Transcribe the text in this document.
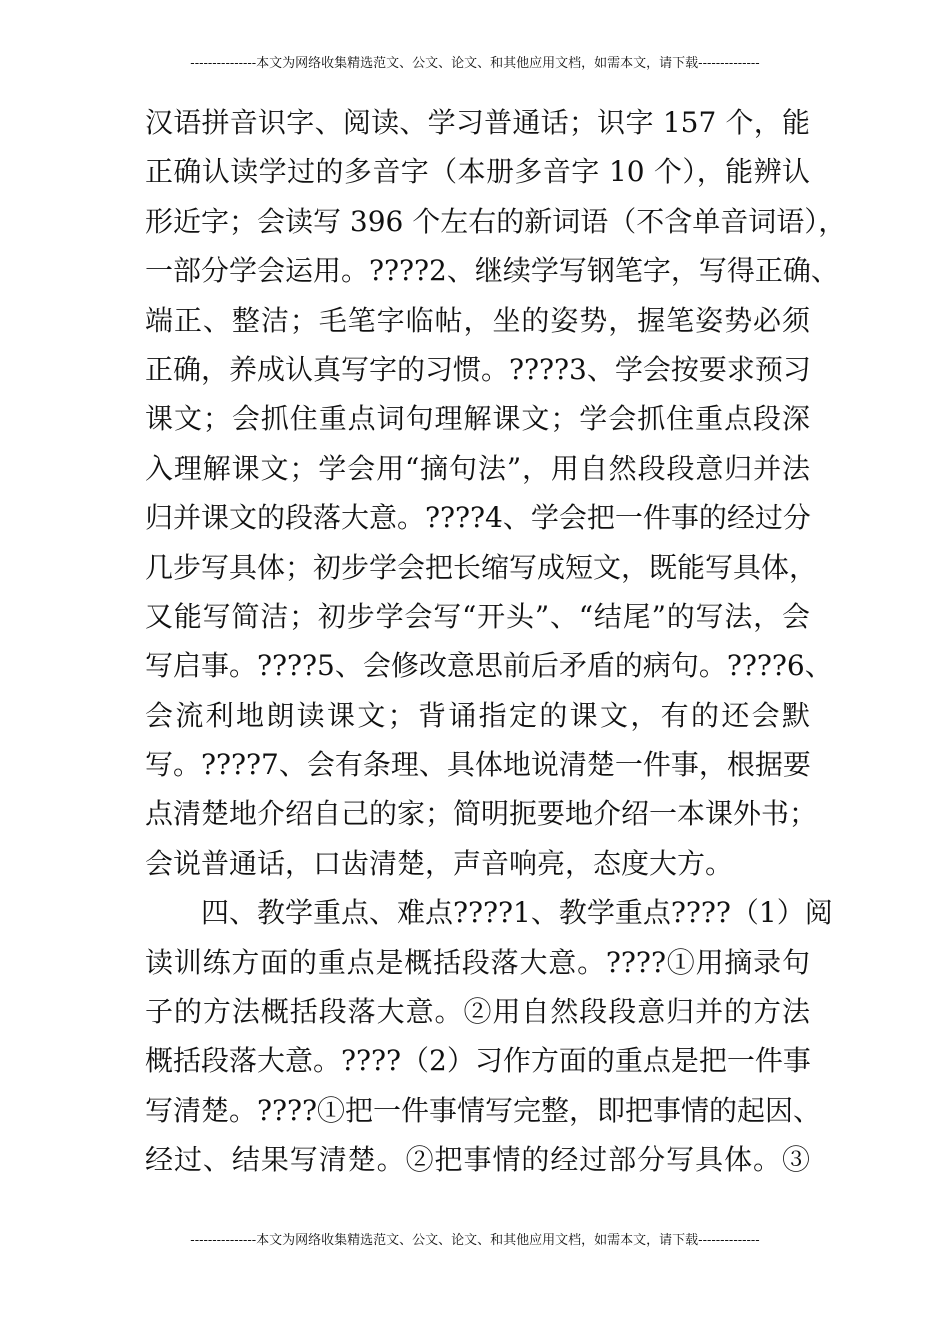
---------------本文为网络收集精选范文、公文、论文、和其他应用文档，如需本文，请下载--------------
汉语拼音识字、阅读、学习普通话；识字 157 个，能
正确认读学过的多音字（本册多音字 10 个），能辨认
形近字；会读写 396 个左右的新词语（不含单音词语），
一部分学会运用。????2、继续学写钢笔字，写得正确、
端正、整洁；毛笔字临帖，坐的姿势，握笔姿势必须
正确，养成认真写字的习惯。????3、学会按要求预习
课文；会抓住重点词句理解课文；学会抓住重点段深
入理解课文；学会用“摘句法”，用自然段段意归并法
归并课文的段落大意。????4、学会把一件事的经过分
几步写具体；初步学会把长缩写成短文，既能写具体，
又能写简洁；初步学会写“开头”、“结尾”的写法，会
写启事。????5、会修改意思前后矛盾的病句。????6、
会流利地朗读课文；背诵指定的课文，有的还会默
写。????7、会有条理、具体地说清楚一件事，根据要
点清楚地介绍自己的家；简明扼要地介绍一本课外书；
会说普通话，口齿清楚，声音响亮，态度大方。
　　四、教学重点、难点????1、教学重点????（1）阅
读训练方面的重点是概括段落大意。????①用摘录句
子的方法概括段落大意。②用自然段段意归并的方法
概括段落大意。????（2）习作方面的重点是把一件事
写清楚。????①把一件事情写完整，即把事情的起因、
经过、结果写清楚。②把事情的经过部分写具体。③
---------------本文为网络收集精选范文、公文、论文、和其他应用文档，如需本文，请下载--------------
